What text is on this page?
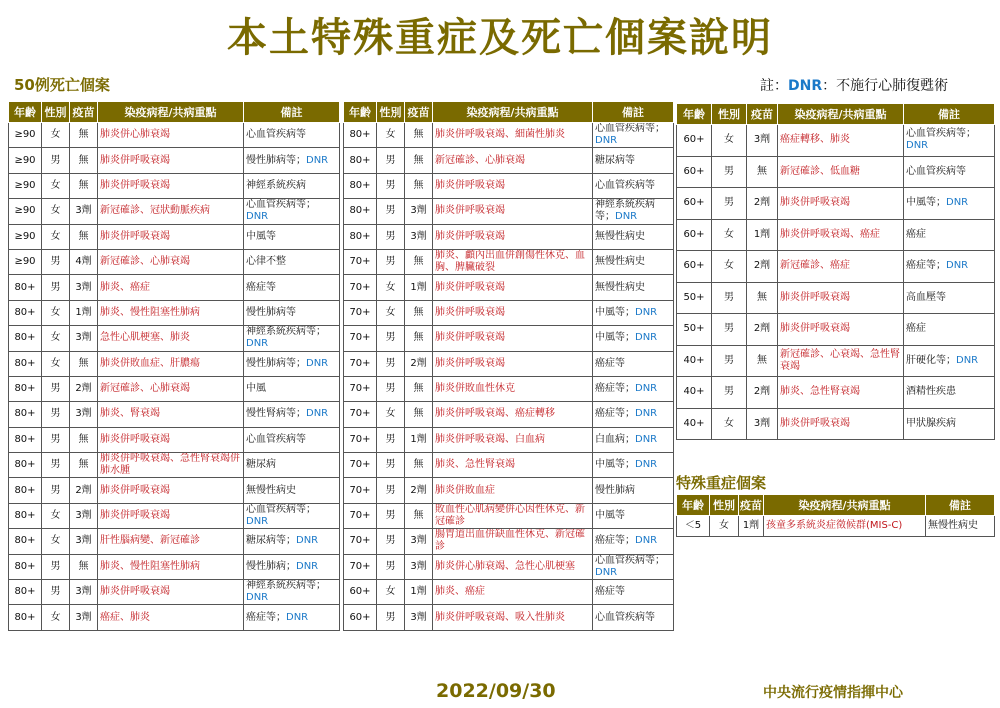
本土特殊重症及死亡個案說明
50例死亡個案	註：DNR：不施行心肺復甦術
年齡	性別	疫苗	染疫病程/共病重點	備註
≥90	女	無	肺炎併心肺衰竭	心血管疾病等
≥90	男	無	肺炎併呼吸衰竭	慢性肺病等；DNR
≥90	女	無	肺炎併呼吸衰竭	神經系統疾病
≥90	女	3劑	新冠確診、冠狀動脈疾病	心血管疾病等；DNR
≥90	女	無	肺炎併呼吸衰竭	中風等
≥90	男	4劑	新冠確診、心肺衰竭	心律不整
80+	男	3劑	肺炎、癌症	癌症等
80+	女	1劑	肺炎、慢性阻塞性肺病	慢性肺病等
80+	女	3劑	急性心肌梗塞、肺炎	神經系統疾病等；DNR
80+	女	無	肺炎併敗血症、肝膿瘍	慢性肺病等；DNR
80+	男	2劑	新冠確診、心肺衰竭	中風
80+	男	3劑	肺炎、腎衰竭	慢性腎病等；DNR
80+	男	無	肺炎併呼吸衰竭	心血管疾病等
80+	男	無	肺炎併呼吸衰竭、急性腎衰竭併肺水腫	糖尿病
80+	男	2劑	肺炎併呼吸衰竭	無慢性病史
80+	女	3劑	肺炎併呼吸衰竭	心血管疾病等；DNR
80+	女	3劑	肝性腦病變、新冠確診	糖尿病等；DNR
80+	男	無	肺炎、慢性阻塞性肺病	慢性肺病；DNR
80+	男	3劑	肺炎併呼吸衰竭	神經系統疾病等；DNR
80+	女	3劑	癌症、肺炎	癌症等；DNR
年齡	性別	疫苗	染疫病程/共病重點	備註
80+	女	無	肺炎併呼吸衰竭、細菌性肺炎	心血管疾病等；DNR
80+	男	無	新冠確診、心肺衰竭	糖尿病等
80+	男	無	肺炎併呼吸衰竭	心血管疾病等
80+	男	3劑	肺炎併呼吸衰竭	神經系統疾病等；DNR
80+	男	3劑	肺炎併呼吸衰竭	無慢性病史
70+	男	無	肺炎、顱內出血併創傷性休克、血胸、脾臟破裂	無慢性病史
70+	女	1劑	肺炎併呼吸衰竭	無慢性病史
70+	女	無	肺炎併呼吸衰竭	中風等；DNR
70+	男	無	肺炎併呼吸衰竭	中風等；DNR
70+	男	2劑	肺炎併呼吸衰竭	癌症等
70+	男	無	肺炎併敗血性休克	癌症等；DNR
70+	女	無	肺炎併呼吸衰竭、癌症轉移	癌症等；DNR
70+	男	1劑	肺炎併呼吸衰竭、白血病	白血病；DNR
70+	男	無	肺炎、急性腎衰竭	中風等；DNR
70+	男	2劑	肺炎併敗血症	慢性肺病
70+	男	無	敗血性心肌病變併心因性休克、新冠確診	中風等
70+	男	3劑	腸胃道出血併缺血性休克、新冠確診	癌症等；DNR
70+	男	3劑	肺炎併心肺衰竭、急性心肌梗塞	心血管疾病等；DNR
60+	女	1劑	肺炎、癌症	癌症等
60+	男	3劑	肺炎併呼吸衰竭、吸入性肺炎	心血管疾病等
年齡	性別	疫苗	染疫病程/共病重點	備註
60+	女	3劑	癌症轉移、肺炎	心血管疾病等；DNR
60+	男	無	新冠確診、低血糖	心血管疾病等
60+	男	2劑	肺炎併呼吸衰竭	中風等；DNR
60+	女	1劑	肺炎併呼吸衰竭、癌症	癌症
60+	女	2劑	新冠確診、癌症	癌症等；DNR
50+	男	無	肺炎併呼吸衰竭	高血壓等
50+	男	2劑	肺炎併呼吸衰竭	癌症
40+	男	無	新冠確診、心衰竭、急性腎衰竭	肝硬化等；DNR
40+	男	2劑	肺炎、急性腎衰竭	酒精性疾患
40+	女	3劑	肺炎併呼吸衰竭	甲狀腺疾病
特殊重症個案
年齡	性別	疫苗	染疫病程/共病重點	備註
＜5	女	1劑	孩童多系統炎症徵候群(MIS-C)	無慢性病史
2022/09/30	中央流行疫情指揮中心
